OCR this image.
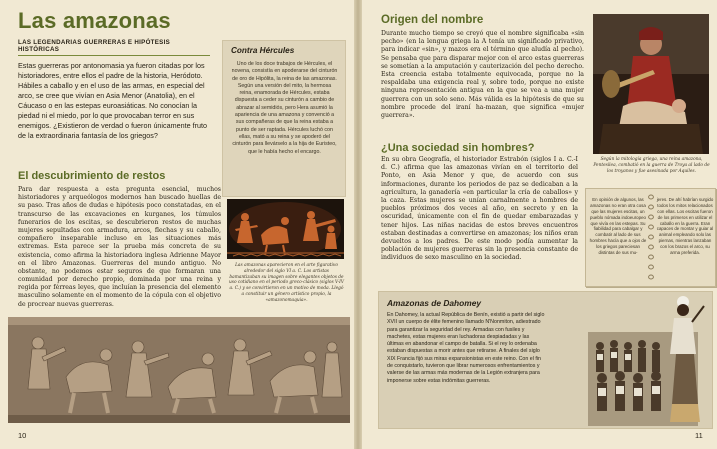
Las amazonas
LAS LEGENDARIAS GUERRERAS E HIPÓTESIS HISTÓRICAS

Estas guerreras por antonomasia ya fueron citadas por los historiadores, entre ellos el padre de la historia, Heródoto. Hábiles a caballo y en el uso de las armas, en especial del arco, se cree que vivían en Asia Menor (Anatolia), en el Cáucaso o en las estepas euroasiáticas. No conocían la piedad ni el miedo, por lo que provocaban terror en sus enemigos. ¿Existieron de verdad o fueron únicamente fruto de la extraordinaria fantasía de los griegos?

El descubrimiento de restos

Para dar respuesta a esta pregunta esencial, muchos historiadores y arqueólogos modernos han buscado huellas de su paso. Tras años de dudas e hipótesis poco constatadas, en el transcurso de las excavaciones en kurganes, los túmulos funerarios de los escitas, se descubrieron restos de muchas mujeres sepultadas con armadura, arcos, flechas y su caballo, compañero inseparable incluso en las situaciones más extremas. Esta parece ser la prueba más concreta de su existencia, como afirma la historiadora inglesa Adrienne Mayor en el libro Amazonas. Guerreras del mundo antiguo. No obstante, no podemos estar seguros de que formaran una comunidad por derecho propio, dominada por una reina y regida por férreas leyes, que incluían la presencia del elemento masculino solamente en el momento de la cópula con el objetivo de procrear nuevas guerreras.

Contra Hércules

Uno de los doce trabajos de Hércules, el novena, consistía en apoderarse del cinturón de oro de Hipólita, la reina de las amazonas. Según una versión del mito, la hermosa reina, enamorada de Hércules, estaba dispuesta a ceder su cinturón a cambio de abrazar al semidiós, pero Hera asumió la apariencia de una amazona y convenció a sus compañeras de que la reina estaba a punto de ser raptada. Hércules luchó con ellas, mató a su reina y se apoderó del cinturón para llevárselo a la hija de Euristeo, que le había hecho el encargo.

Las amazonas aparecieron en el arte figurativo alrededor del siglo VI a. C. Los artistas bamantizaban su imagen sobre elegantes objetos de uso cotidiano en el periodo greco-clásico (siglos V-IV a. C.) y se convirtieron en un motivo de moda. Llegó a constituir un género artístico propio, la «amazonomaquia».

10
Origen del nombre

Durante mucho tiempo se creyó que el nombre significaba «sin pecho» (en la lengua griega la A tenía un significado privativo, para indicar «sin», y mazos era el término que aludía al pecho). Se pensaba que para disparar mejor con el arco estas guerreras se sometían a la amputación y cauterización del pecho derecho. Esta creencia estaba totalmente equivocada, porque no la respaldaba una exigencia real y, sobre todo, porque no existe ninguna representación antigua en la que se vea a una mujer guerrera con un solo seno. Más válida es la hipótesis de que su nombre procede del iraní ha-mazan, que significa «mujer guerrera».

Según la mitología griega, una reina amazona, Pentesilea, combatió en la guerra de Troya al lado de los troyanos y fue asesinada por Aquiles.

¿Una sociedad sin hombres?

En su obra Geografía, el historiador Estrabón (siglos I a. C.-I d. C.) afirma que las amazonas vivían en el territorio del Ponto, en Asia Menor y que, de acuerdo con sus informaciones, durante los periodos de paz se dedicaban a la agricultura, la ganadería «en particular la cría de caballos» y la caza. Estas mujeres se unían carnalmente a hombres de pueblos próximos dos veces al año, en secreto y en la oscuridad, únicamente con el fin de quedar embarazadas y tener hijos. Las niñas nacidas de estos breves encuentros estaban destinadas a convertirse en amazonas; los niños eran devueltos a los padres. De este modo podía aumentar la población de mujeres guerreras sin la presencia constante de individuos de sexo masculino en la sociedad.

En opinión de algunos, las amazonas no eran otra cosa que las mujeres escitas, un pueblo nómada indoeuropeo que vivía en las estepas. Su fiabilidad para cabalgar y combatir al lado de sus hombres hacía que a ojos de los griegos pareciesan distintas de sus mu-

jeres. De ahí habrían surgido todos los mitos relacionados con ellas. Los escitas fueron de los primeros en utilizar el caballo en la guerra. Eran capaces de montar y guiar al animal empleando solo las piernas, mientras lanzaban con los brazos el arco, su arma preferida.

Amazonas de Dahomey

En Dahomey, la actual República de Benín, existió a partir del siglo XVII un cuerpo de élite femenino llamado N'Nonmiton, adiestrado para garantizar la seguridad del rey. Armadas con fusiles y machetes, estas mujeres eran luchadoras despiadadas y las últimas en abandonar el campo de batalla. Si el rey lo ordenaba estaban dispuestas a morir antes que retirarse. A finales del siglo XIX Francia fijó sus miras expansionistas en este reino. Con el fin de conquistarlo, tuvieron que librar numerosos enfrentamientos y valerse de las armas más modernas de la Legión extranjera para imponerse sobre estas indómitas guerreras.

11
